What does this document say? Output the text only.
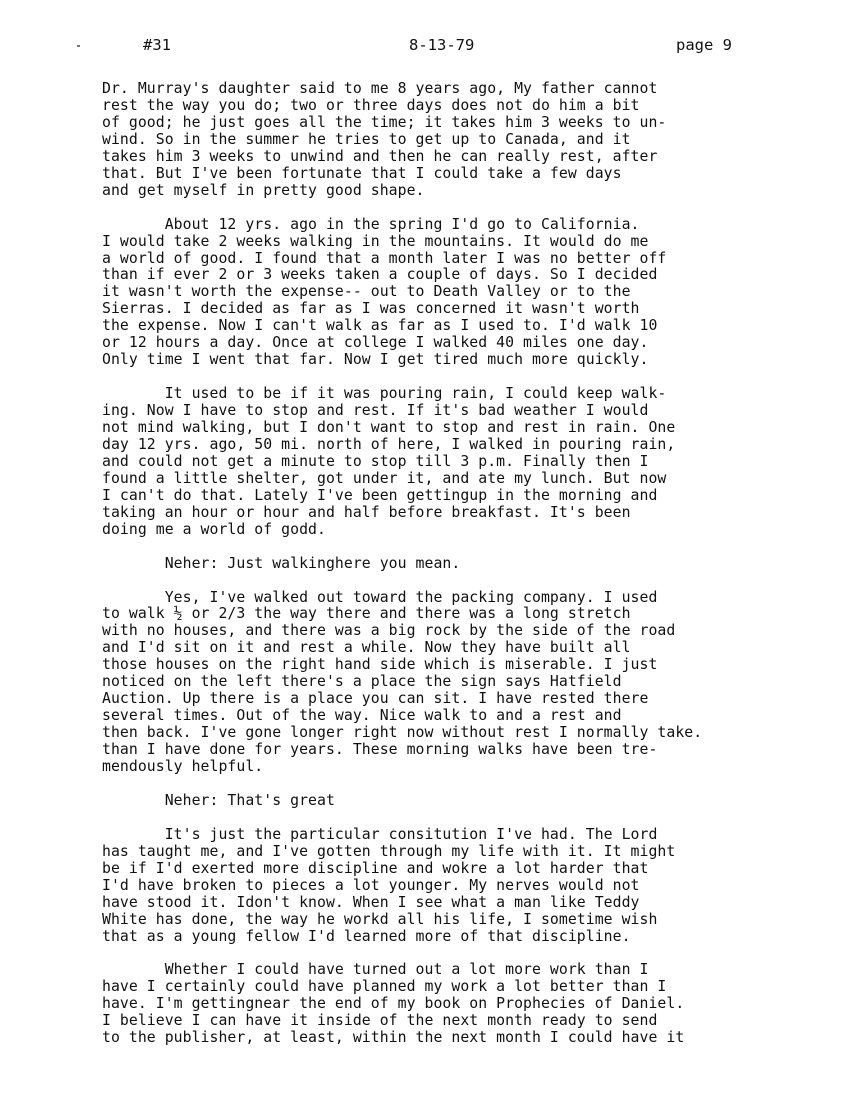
#31	8-13-79	page 9
Dr. Murray's daughter said to me 8 years ago, My father cannot
rest the way you do; two or three days does not do him a bit
of good; he just goes all the time; it takes him 3 weeks to un-
wind. So in the summer he tries to get up to Canada, and it
takes him 3 weeks to unwind and then he can really rest, after
that. But I've been fortunate that I could take a few days
and get myself in pretty good shape.
About 12 yrs. ago in the spring I'd go to California.
I would take 2 weeks walking in the mountains. It would do me
a world of good. I found that a month later I was no better off
than if ever 2 or 3 weeks taken a couple of days. So I decided
it wasn't worth the expense-- out to Death Valley or to the
Sierras. I decided as far as I was concerned it wasn't worth
the expense. Now I can't walk as far as I used to. I'd walk 10
or 12 hours a day. Once at college I walked 40 miles one day.
Only time I went that far. Now I get tired much more quickly.
It used to be if it was pouring rain, I could keep walk-
ing. Now I have to stop and rest. If it's bad weather I would
not mind walking, but I don't want to stop and rest in rain. One
day 12 yrs. ago, 50 mi. north of here, I walked in pouring rain,
and could not get a minute to stop till 3 p.m. Finally then I
found a little shelter, got under it, and ate my lunch. But now
I can't do that. Lately I've been gettingup in the morning and
taking an hour or hour and half before breakfast. It's been
doing me a world of godd.
Neher: Just walkinghere you mean.
Yes, I've walked out toward the packing company. I used
to walk ½ or 2/3 the way there and there was a long stretch
with no houses, and there was a big rock by the side of the road
and I'd sit on it and rest a while. Now they have built all
those houses on the right hand side which is miserable. I just
noticed on the left there's a place the sign says Hatfield
Auction. Up there is a place you can sit. I have rested there
several times. Out of the way. Nice walk to and a rest and
then back. I've gone longer right now without rest I normally take.
than I have done for years. These morning walks have been tre-
mendously helpful.
Neher: That's great
It's just the particular consitution I've had. The Lord
has taught me, and I've gotten through my life with it. It might
be if I'd exerted more discipline and wokre a lot harder that
I'd have broken to pieces a lot younger. My nerves would not
have stood it. Idon't know. When I see what a man like Teddy
White has done, the way he workd all his life, I sometime wish
that as a young fellow I'd learned more of that discipline.
Whether I could have turned out a lot more work than I
have I certainly could have planned my work a lot better than I
have. I'm gettingnear the end of my book on Prophecies of Daniel.
I believe I can have it inside of the next month ready to send
to the publisher, at least, within the next month I could have it
